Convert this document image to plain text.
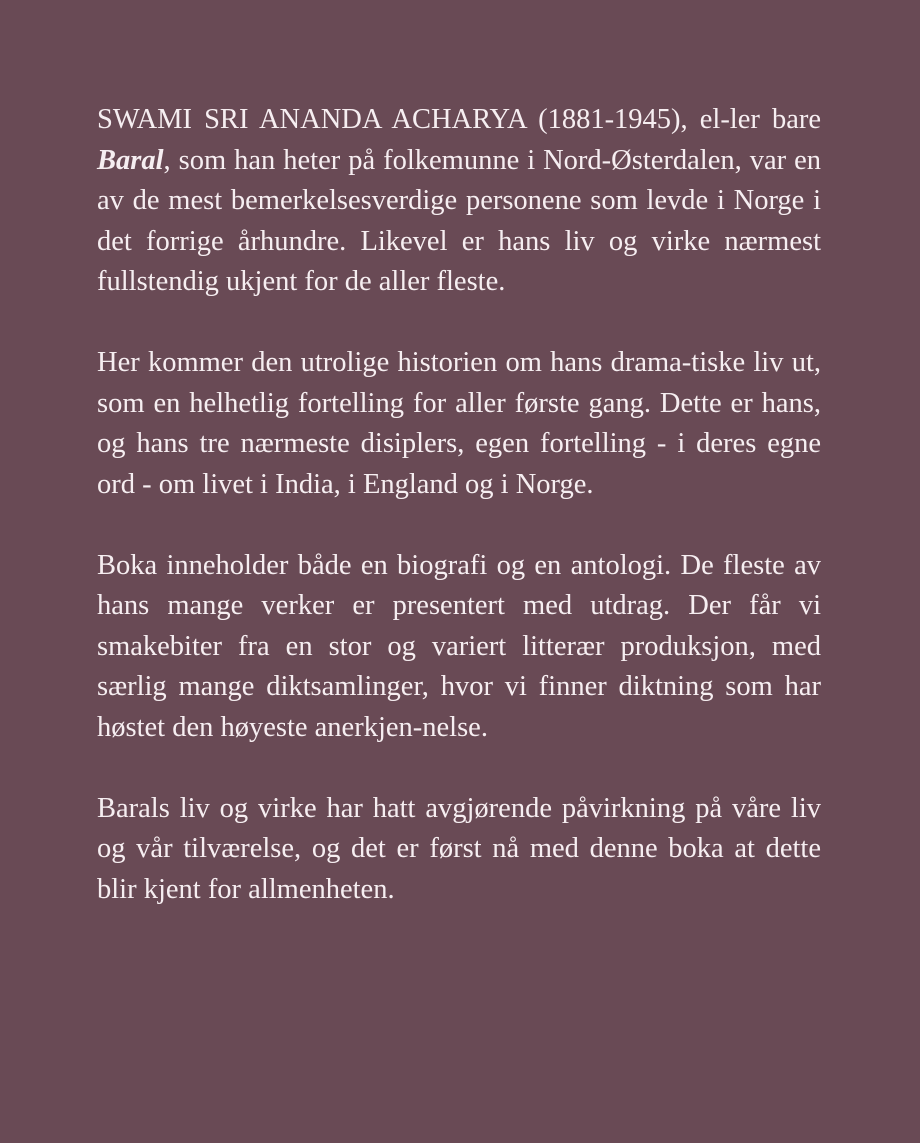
SWAMI SRI ANANDA ACHARYA (1881-1945), el-ler bare Baral, som han heter på folkemunne i Nord-Østerdalen, var en av de mest bemerkelsesverdige personene som levde i Norge i det forrige århundre. Likevel er hans liv og virke nærmest fullstendig ukjent for de aller fleste.

Her kommer den utrolige historien om hans drama-tiske liv ut, som en helhetlig fortelling for aller første gang. Dette er hans, og hans tre nærmeste disiplers, egen fortelling - i deres egne ord - om livet i India, i England og i Norge.

Boka inneholder både en biografi og en antologi. De fleste av hans mange verker er presentert med utdrag. Der får vi smakebiter fra en stor og variert litterær produksjon, med særlig mange diktsamlinger, hvor vi finner diktning som har høstet den høyeste anerkjen-nelse.

Barals liv og virke har hatt avgjørende påvirkning på våre liv og vår tilværelse, og det er først nå med denne boka at dette blir kjent for allmenheten.
